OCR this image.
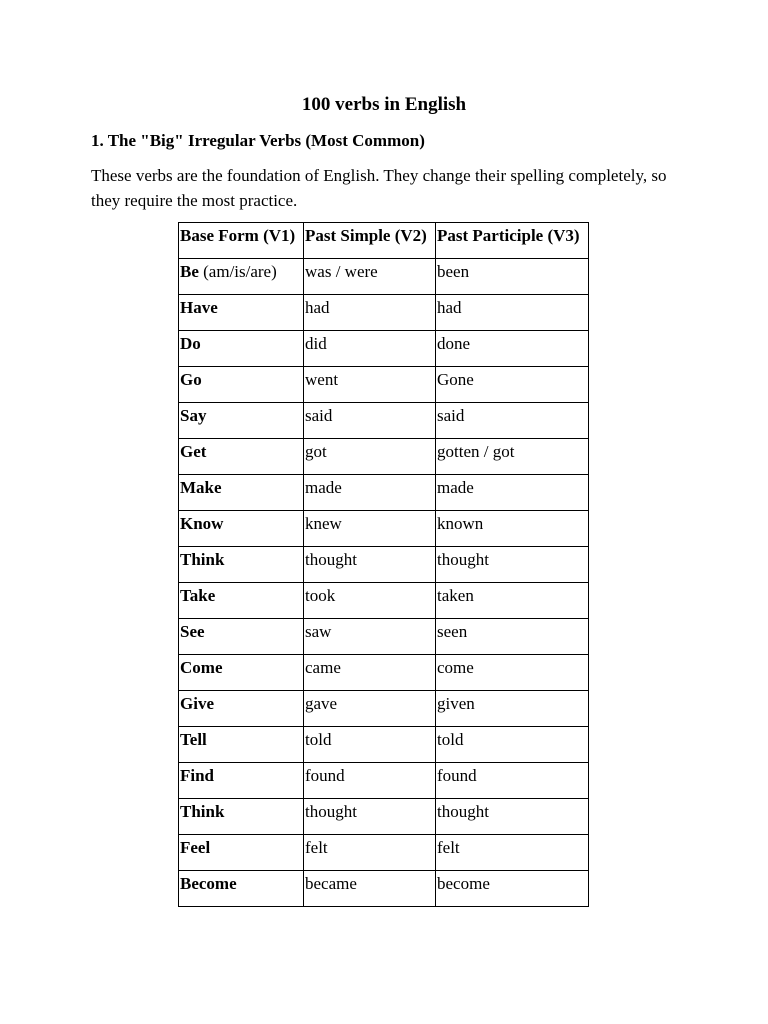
100 verbs in English
1. The "Big" Irregular Verbs (Most Common)
These verbs are the foundation of English. They change their spelling completely, so they require the most practice.
Base Form (V1)	Past Simple (V2)	Past Participle (V3)
Be (am/is/are)	was / were	been
Have	had	had
Do	did	done
Go	went	Gone
Say	said	said
Get	got	gotten / got
Make	made	made
Know	knew	known
Think	thought	thought
Take	took	taken
See	saw	seen
Come	came	come
Give	gave	given
Tell	told	told
Find	found	found
Think	thought	thought
Feel	felt	felt
Become	became	become
